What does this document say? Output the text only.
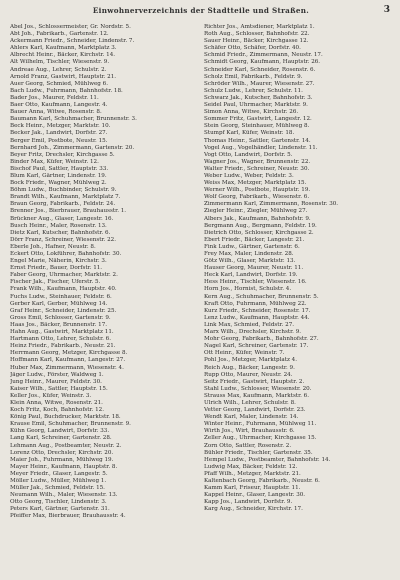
Einwohnerverzeichnis der Stadtteile und Straßen.	3

Abel Jos., Schlossermeister, Gr. Nordstr. 5.

Abt Joh., Fabrikarb., Gartenstr. 12.

Ackermann Friedr., Schneider, Lindenstr. 7.

Ahlers Karl, Kaufmann, Marktplatz 3.

Albrecht Heinr., Bäcker, Kirchstr. 14.

Alt Wilhelm, Tischler, Wiesenstr. 9.

Andreae Aug., Lehrer, Schulstr. 2.

Arnold Franz, Gastwirt, Hauptstr. 21.

Auer Georg, Schmied, Mühlweg 6.

Bach Ludw., Fuhrmann, Bahnhofstr. 18.

Bader Jos., Maurer, Feldstr. 11.

Baer Otto, Kaufmann, Langestr. 4.

Bauer Anna, Witwe, Rosenstr. 8.

Baumann Karl, Schuhmacher, Brunnenstr. 3.

Beck Heinr., Metzger, Marktstr. 10.

Becker Jak., Landwirt, Dorfstr. 27.

Berger Emil, Postbote, Neustr. 15.

Bernhard Joh., Zimmermann, Gartenstr. 20.

Beyer Fritz, Drechsler, Kirchgasse 5.

Binder Max, Küfer, Weinstr. 12.

Bischof Paul, Sattler, Hauptstr. 33.

Blum Karl, Gärtner, Lindenstr. 19.

Bock Friedr., Wagner, Mühlweg 2.

Böhm Ludw., Buchbinder, Schulstr. 9.

Brandt Wilh., Kaufmann, Marktplatz 7.

Braun Georg, Fabrikarb., Feldstr. 24.

Brenner Jos., Bierbrauer, Brauhausstr. 1.

Brückner Aug., Glaser, Langestr. 16.

Busch Heinr., Maler, Rosenstr. 13.

Dietz Karl, Kutscher, Bahnhofstr. 6.

Dörr Franz, Schreiner, Wiesenstr. 22.

Eberle Joh., Hafner, Neustr. 8.

Eckert Otto, Lokführer, Bahnhofstr. 30.

Engel Marie, Näherin, Kirchstr. 3.

Ernst Friedr., Bauer, Dorfstr. 11.

Faber Georg, Uhrmacher, Marktstr. 2.

Fischer Jak., Fischer, Uferstr. 5.

Frank Wilh., Kaufmann, Hauptstr. 40.

Fuchs Ludw., Steinhauer, Feldstr. 6.

Gerber Karl, Gerber, Mühlweg 14.

Graf Heinr., Schneider, Lindenstr. 25.

Gross Emil, Schlosser, Gartenstr. 9.

Haas Jos., Bäcker, Brunnenstr. 17.

Hahn Aug., Gastwirt, Marktplatz 11.

Hartmann Otto, Lehrer, Schulstr. 6.

Heinz Friedr., Fabrikarb., Neustr. 21.

Herrmann Georg, Metzger, Kirchgasse 8.

Hoffmann Karl, Kaufmann, Langestr. 27.

Huber Max, Zimmermann, Wiesenstr. 4.

Jäger Ludw., Förster, Waldweg 1.

Jung Heinr., Maurer, Feldstr. 30.

Kaiser Wilh., Sattler, Hauptstr. 15.

Keller Jos., Küfer, Weinstr. 3.

Klein Anna, Witwe, Rosenstr. 21.

Koch Fritz, Koch, Bahnhofstr. 12.

König Paul, Buchdrucker, Marktstr. 18.

Krause Emil, Schuhmacher, Brunnenstr. 9.

Kühn Georg, Landwirt, Dorfstr. 33.

Lang Karl, Schreiner, Gartenstr. 28.

Lehmann Aug., Postbeamter, Neustr. 2.

Lorenz Otto, Drechsler, Kirchstr. 20.

Maier Joh., Fuhrmann, Mühlweg 19.

Mayer Heinr., Kaufmann, Hauptstr. 8.

Meyer Friedr., Glaser, Langestr. 5.

Möller Ludw., Müller, Mühlweg 1.

Müller Jak., Schmied, Feldstr. 15.

Neumann Wilh., Maler, Wiesenstr. 13.

Otto Georg, Tischler, Lindenstr. 3.

Peters Karl, Gärtner, Gartenstr. 31.

Pfeiffer Max, Bierbrauer, Brauhausstr. 4.

Richter Jos., Amtsdiener, Marktplatz 1.

Roth Aug., Schlosser, Bahnhofstr. 22.

Sauer Heinr., Bäcker, Kirchgasse 12.

Schäfer Otto, Schäfer, Dorfstr. 40.

Schmid Friedr., Zimmermann, Neustr. 17.

Schmidt Georg, Kaufmann, Hauptstr. 26.

Schneider Karl, Schneider, Rosenstr. 6.

Scholz Emil, Fabrikarb., Feldstr. 9.

Schröder Wilh., Maurer, Wiesenstr. 27.

Schulz Ludw., Lehrer, Schulstr. 11.

Schwarz Jak., Kutscher, Bahnhofstr. 3.

Seidel Paul, Uhrmacher, Marktstr. 9.

Simon Anna, Witwe, Kirchstr. 26.

Sommer Fritz, Gastwirt, Langestr. 12.

Stein Georg, Steinhauer, Mühlweg 8.

Stumpf Karl, Küfer, Weinstr. 18.

Thomas Heinr., Sattler, Gartenstr. 14.

Vogel Aug., Vogelhändler, Lindenstr. 11.

Vogt Otto, Landwirt, Dorfstr. 5.

Wagner Jos., Wagner, Brunnenstr. 22.

Walter Friedr., Schreiner, Neustr. 30.

Weber Ludw., Weber, Feldstr. 3.

Weiss Max, Metzger, Marktplatz 15.

Werner Wilh., Postbote, Hauptstr. 19.

Wolf Georg, Fabrikarb., Wiesenstr. 6.

Zimmermann Karl, Zimmermann, Rosenstr. 30.

Ziegler Heinr., Ziegler, Mühlweg 27.

Albers Jak., Kaufmann, Bahnhofstr. 9.

Bergmann Aug., Bergmann, Feldstr. 19.

Dietrich Otto, Schlosser, Kirchgasse 2.

Ebert Friedr., Bäcker, Langestr. 21.

Fink Ludw., Gärtner, Gartenstr. 6.

Frey Max, Maler, Lindenstr. 28.

Götz Wilh., Glaser, Marktstr. 13.

Hauser Georg, Maurer, Neustr. 11.

Heck Karl, Landwirt, Dorfstr. 19.

Hess Heinr., Tischler, Wiesenstr. 16.

Horn Jos., Hornist, Schulstr. 4.

Kern Aug., Schuhmacher, Brunnenstr. 5.

Kraft Otto, Fuhrmann, Mühlweg 22.

Kurz Friedr., Schneider, Rosenstr. 17.

Lenz Ludw., Kaufmann, Hauptstr. 44.

Link Max, Schmied, Feldstr. 27.

Marx Wilh., Drechsler, Kirchstr. 9.

Mohr Georg, Fabrikarb., Bahnhofstr. 27.

Nagel Karl, Schreiner, Gartenstr. 17.

Ott Heinr., Küfer, Weinstr. 7.

Pohl Jos., Metzger, Marktplatz 4.

Reich Aug., Bäcker, Langestr. 9.

Rupp Otto, Maurer, Neustr. 24.

Seitz Friedr., Gastwirt, Hauptstr. 2.

Stahl Ludw., Schlosser, Wiesenstr. 20.

Strauss Max, Kaufmann, Marktstr. 6.

Ulrich Wilh., Lehrer, Schulstr. 8.

Vetter Georg, Landwirt, Dorfstr. 23.

Wendt Karl, Maler, Lindenstr. 14.

Winter Heinr., Fuhrmann, Mühlweg 11.

Wirth Jos., Wirt, Brauhausstr. 6.

Zeller Aug., Uhrmacher, Kirchgasse 15.

Zorn Otto, Sattler, Rosenstr. 2.

Bühler Friedr., Tischler, Gartenstr. 35.

Hempel Ludw., Postbeamter, Bahnhofstr. 14.

Ludwig Max, Bäcker, Feldstr. 12.

Pfaff Wilh., Metzger, Marktstr. 21.

Kaltenbach Georg, Fabrikarb., Neustr. 6.

Kamm Karl, Friseur, Hauptstr. 11.

Kappel Heinr., Glaser, Langestr. 30.

Kapp Jos., Landwirt, Dorfstr. 9.

Karg Aug., Schneider, Kirchstr. 17.
